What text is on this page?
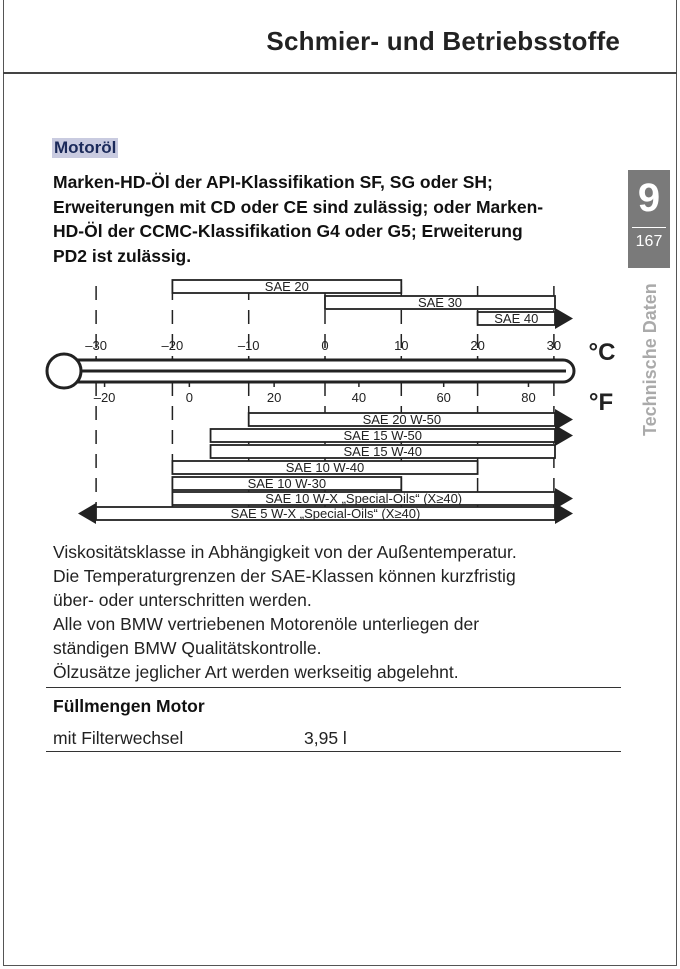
Schmier- und Betriebsstoffe
Motoröl
Marken-HD-Öl der API-Klassifikation SF, SG oder SH;
Erweiterungen mit CD oder CE sind zulässig; oder Marken-
HD-Öl der CCMC-Klassifikation G4 oder G5; Erweiterung
PD2 ist zulässig.
9
167
Technische Daten
–30	–20	–10	0	10	20	30 °C
–20	0	20	40	60	80 °F
SAE 20
SAE 30
SAE 40
SAE 20 W-50
SAE 15 W-50
SAE 15 W-40
SAE 10 W-40
SAE 10 W-30
SAE 10 W-X „Special-Oils“ (X≥40)
SAE 5 W-X „Special-Oils“ (X≥40)
Viskositätsklasse in Abhängigkeit von der Außentemperatur.
Die Temperaturgrenzen der SAE-Klassen können kurzfristig
über- oder unterschritten werden.
Alle von BMW vertriebenen Motorenöle unterliegen der
ständigen BMW Qualitätskontrolle.
Ölzusätze jeglicher Art werden werkseitig abgelehnt.
Füllmengen Motor
mit Filterwechsel	3,95 l
